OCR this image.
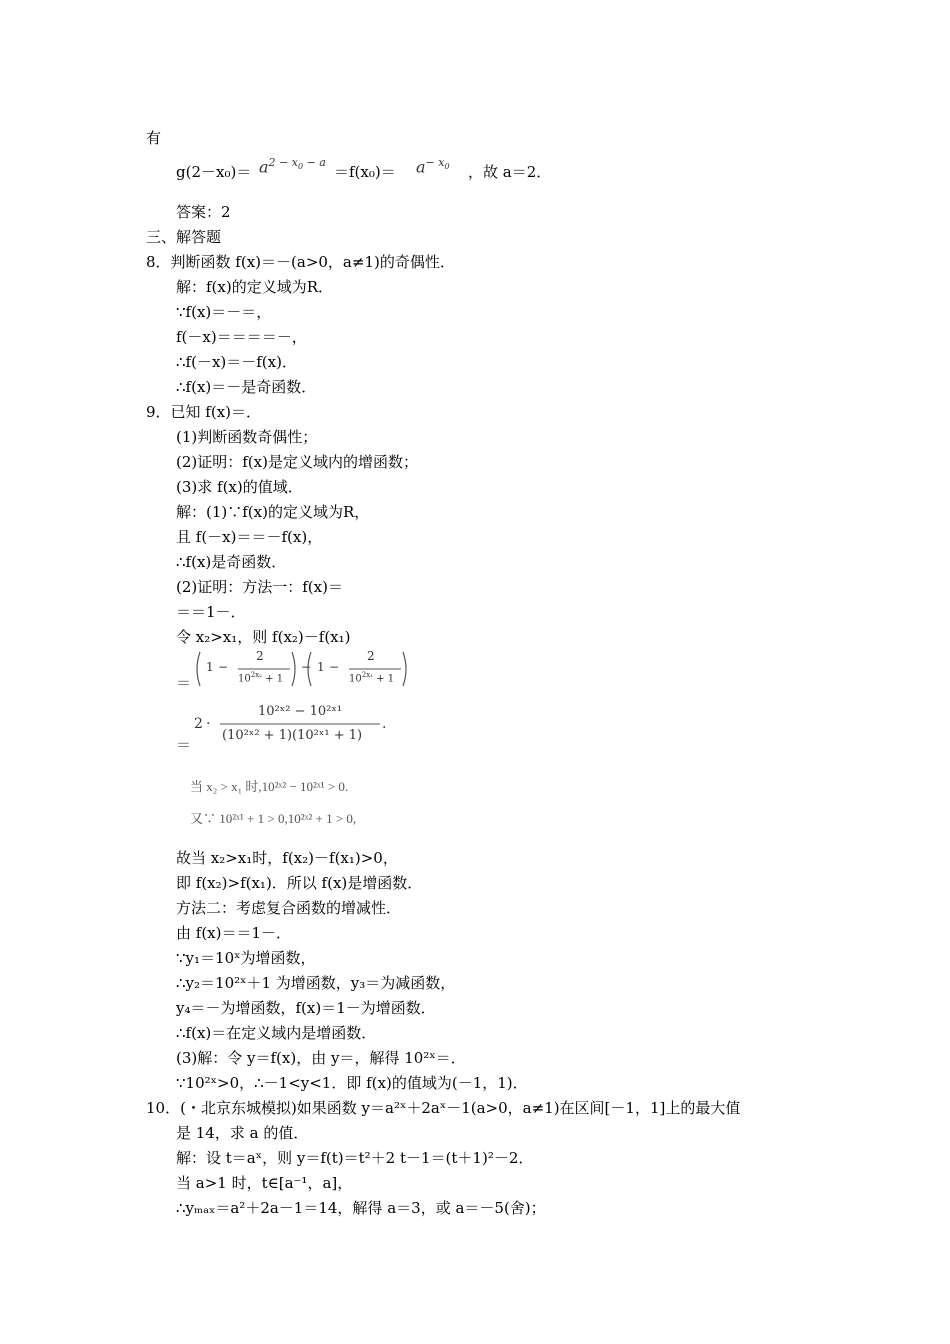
有
$g(2-x_0)= a^{2 - x_0 - a}$
$=f(x_0)= a^{- x_0}$ ，故 a＝2．
答案：2
三、解答题
8．判断函数 f(x)＝－(a>0，a≠1)的奇偶性．
解：f(x)的定义域为R．
∵f(x)＝－＝，
f(－x)＝＝＝＝－，
∴f(－x)＝－f(x)．
∴f(x)＝－是奇函数．
9．已知 f(x)＝．
(1)判断函数奇偶性；
(2)证明：f(x)是定义域内的增函数；
(3)求 f(x)的值域．
解：(1)∵f(x)的定义域为R，
且 f(－x)＝＝－f(x)，
∴f(x)是奇函数．
(2)证明：方法一：f(x)＝
＝＝1－．
令 x₂>x₁，则 f(x₂)－f(x₁)
＝
1 −
2
$10^{2x_2} + 1$
− 1 −
2
$10^{2x_1} + 1$
＝
2 ·
10²ˣ² − 10²ˣ¹
(10²ˣ² + 1)(10²ˣ¹ + 1)
.
当 x₂ > x₁ 时,10²ˣ² − 10²ˣ¹ > 0.
又∵ 10²ˣ¹ + 1 > 0,10²ˣ² + 1 > 0,
故当 x₂>x₁时，f(x₂)－f(x₁)>0，
即 f(x₂)>f(x₁)．所以 f(x)是增函数．
方法二：考虑复合函数的增减性．
由 f(x)＝＝1－．
∵y₁＝10ˣ为增函数，
∴y₂＝10²ˣ＋1 为增函数，y₃＝为减函数，
y₄＝－为增函数，f(x)＝1－为增函数．
∴f(x)＝在定义域内是增函数．
(3)解：令 y＝f(x)，由 y＝，解得 10²ˣ＝．
∵10²ˣ>0，∴－1<y<1．即 f(x)的值域为(－1，1)．
10．(・北京东城模拟)如果函数 y＝a²ˣ＋2aˣ－1(a>0，a≠1)在区间[－1，1]上的最大值
是 14，求 a 的值．
解：设 t＝aˣ，则 y＝f(t)＝t²＋2 t－1＝(t＋1)²－2．
当 a>1 时，t∈[a⁻¹，a]，
∴yₘₐₓ＝a²＋2a－1＝14，解得 a＝3，或 a＝－5(舍)；
